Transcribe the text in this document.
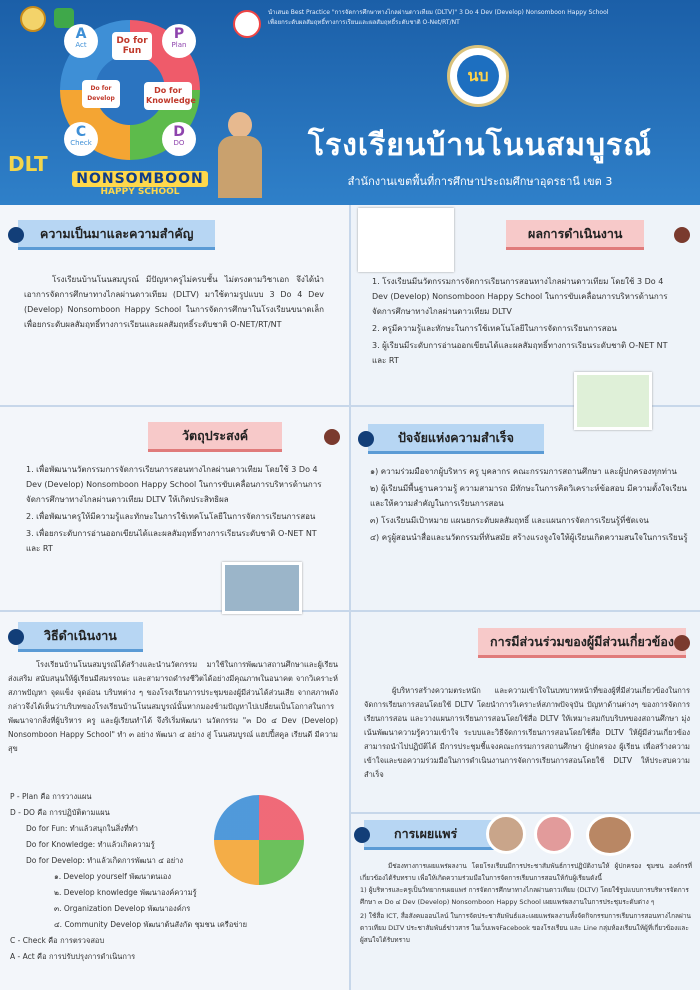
นำเสนอ Best Practice "การจัดการศึกษาทางไกลผ่านดาวเทียม (DLTV)" 3 Do 4 Dev (Develop) Nonsomboon Happy School
เพื่อยกระดับผลสัมฤทธิ์ทางการเรียนและผลสัมฤทธิ์ระดับชาติ O-Net/RT/NT
นบ
โรงเรียนบ้านโนนสมบูรณ์
สำนักงานเขตพื้นที่การศึกษาประถมศึกษาอุดรธานี เขต 3
A
Act
P
Plan
C
Check
D
DO
Do for Fun
Do for Knowledge
Do for Develop
DLT
NONSOMBOON
HAPPY SCHOOL
ความเป็นมาและความสำคัญ

โรงเรียนบ้านโนนสมบูรณ์ มีปัญหาครูไม่ครบชั้น ไม่ตรงตามวิชาเอก จึงได้นำเอาการจัดการศึกษาทางไกลผ่านดาวเทียม (DLTV) มาใช้ตามรูปแบบ 3 Do 4 Dev (Develop) Nonsomboon Happy School ในการจัดการศึกษาในโรงเรียนขนาดเล็ก เพื่อยกระดับผลสัมฤทธิ์ทางการเรียนและผลสัมฤทธิ์ระดับชาติ O-NET/RT/NT

ผลการดำเนินงาน
1. โรงเรียนมีนวัตกรรมการจัดการเรียนการสอนทางไกลผ่านดาวเทียม โดยใช้ 3 Do 4 Dev (Develop) Nonsomboon Happy School ในการขับเคลื่อนการบริหารด้านการจัดการศึกษาทางไกลผ่านดาวเทียม DLTV
2. ครูมีความรู้และทักษะในการใช้เทคโนโลยีในการจัดการเรียนการสอน
3. ผู้เรียนมีระดับการอ่านออกเขียนได้และผลสัมฤทธิ์ทางการเรียนระดับชาติ O-NET NT และ RT
วัตถุประสงค์
1. เพื่อพัฒนานวัตกรรมการจัดการเรียนการสอนทางไกลผ่านดาวเทียม โดยใช้ 3 Do 4 Dev (Develop) Nonsomboon Happy School ในการขับเคลื่อนการบริหารด้านการจัดการศึกษาทางไกลผ่านดาวเทียม DLTV ให้เกิดประสิทธิผล
2. เพื่อพัฒนาครูให้มีความรู้และทักษะในการใช้เทคโนโลยีในการจัดการเรียนการสอน
3. เพื่อยกระดับการอ่านออกเขียนได้และผลสัมฤทธิ์ทางการเรียนระดับชาติ O-NET NT และ RT
ปัจจัยแห่งความสำเร็จ
๑) ความร่วมมือจากผู้บริหาร ครู บุคลากร คณะกรรมการสถานศึกษา และผู้ปกครองทุกท่าน
๒) ผู้เรียนมีพื้นฐานความรู้ ความสามารถ มีทักษะในการคิดวิเคราะห์ข้อสอบ มีความตั้งใจเรียนและให้ความสำคัญในการเรียนการสอน
๓) โรงเรียนมีเป้าหมาย แผนยกระดับผลสัมฤทธิ์ และแผนการจัดการเรียนรู้ที่ชัดเจน
๔) ครูผู้สอนนำสื่อและนวัตกรรมที่ทันสมัย สร้างแรงจูงใจให้ผู้เรียนเกิดความสนใจในการเรียนรู้
วิธีดำเนินงาน

โรงเรียนบ้านโนนสมบูรณ์ได้สร้างและนำนวัตกรรม มาใช้ในการพัฒนาสถานศึกษาและผู้เรียน ส่งเสริม สนับสนุนให้ผู้เรียนมีสมรรถนะ และสามารถดำรงชีวิตได้อย่างมีคุณภาพในอนาคต จากวิเคราะห์สภาพปัญหา จุดแข็ง จุดอ่อน บริบทต่าง ๆ ของโรงเรียนการประชุมของผู้มีส่วนได้ส่วนเสีย จากสภาพดังกล่าวจึงได้เห็นว่าบริบทของโรงเรียนบ้านโนนสมบูรณ์นั้นหากมองข้ามปัญหาไปเปลี่ยนเป็นโอกาสในการพัฒนาจากสิ่งที่ผู้บริหาร ครู และผู้เรียนทำได้ จึงริเริ่มพัฒนา นวัตกรรม "๓ Do ๔ Dev (Develop) Nonsomboon Happy School" ทำ ๓ อย่าง พัฒนา ๔ อย่าง สู่ โนนสมบูรณ์ แฮปปี้สคูล เรียนดี มีความสุข

P - Plan คือ การวางแผน
D - DO คือ การปฏิบัติตามแผน
Do for Fun: ทำแล้วสนุกในสิ่งที่ทำ
Do for Knowledge: ทำแล้วเกิดความรู้
Do for Develop: ทำแล้วเกิดการพัฒนา ๔ อย่าง
๑. Develop yourself พัฒนาตนเอง
๒. Develop knowledge พัฒนาองค์ความรู้
๓. Organization Develop พัฒนาองค์กร
๔. Community Develop พัฒนาต้นสังกัด ชุมชน เครือข่าย
C - Check คือ การตรวจสอบ
A - Act คือ การปรับปรุงการดำเนินการ
การมีส่วนร่วมของผู้มีส่วนเกี่ยวข้อง

ผู้บริหารสร้างความตระหนัก และความเข้าใจในบทบาทหน้าที่ของผู้ที่มีส่วนเกี่ยวข้องในการจัดการเรียนการสอนโดยใช้ DLTV โดยนำการวิเคราะห์สภาพปัจจุบัน ปัญหาด้านต่างๆ ของการจัดการเรียนการสอน และวางแผนการเรียนการสอนโดยใช้สื่อ DLTV ให้เหมาะสมกับบริบทของสถานศึกษา มุ่งเน้นพัฒนาความรู้ความเข้าใจ ระบบและวิธีจัดการเรียนการสอนโดยใช้สื่อ DLTV ให้ผู้มีส่วนเกี่ยวข้องสามารถนำไปปฏิบัติได้ มีการประชุมชี้แจงคณะกรรมการสถานศึกษา ผู้ปกครอง ผู้เรียน เพื่อสร้างความเข้าใจและขอความร่วมมือในการดำเนินงานการจัดการเรียนการสอนโดยใช้ DLTV ให้ประสบความสำเร็จ

การเผยแพร่

มีช่องทางการเผยแพร่ผลงาน โดยโรงเรียนมีการประชาสัมพันธ์การปฏิบัติงานให้ ผู้ปกครอง ชุมชน องค์กรที่เกี่ยวข้องได้รับทราบ เพื่อให้เกิดความร่วมมือในการจัดการเรียนการสอนให้กับผู้เรียนดังนี้

1) ผู้บริหารและครูเป็นวิทยากรเผยแพร่ การจัดการศึกษาทางไกลผ่านดาวเทียม (DLTV) โดยใช้รูปแบบการบริหารจัดการศึกษา ๓ Do ๔ Dev (Develop) Nonsomboon Happy School เผยแพร่ผลงานในการประชุมระดับต่าง ๆ
2) ใช้สื่อ ICT, สื่อสังคมออนไลน์ ในการจัดประชาสัมพันธ์และเผยแพร่ผลงานทั้งจัดกิจกรรมการเรียนการสอนทางไกลผ่านดาวเทียม DLTV ประชาสัมพันธ์ข่าวสาร ในเว็บเพจFacebook ของโรงเรียน และ Line กลุ่มห้องเรียนให้ผู้ที่เกี่ยวข้องและผู้สนใจได้รับทราบ
